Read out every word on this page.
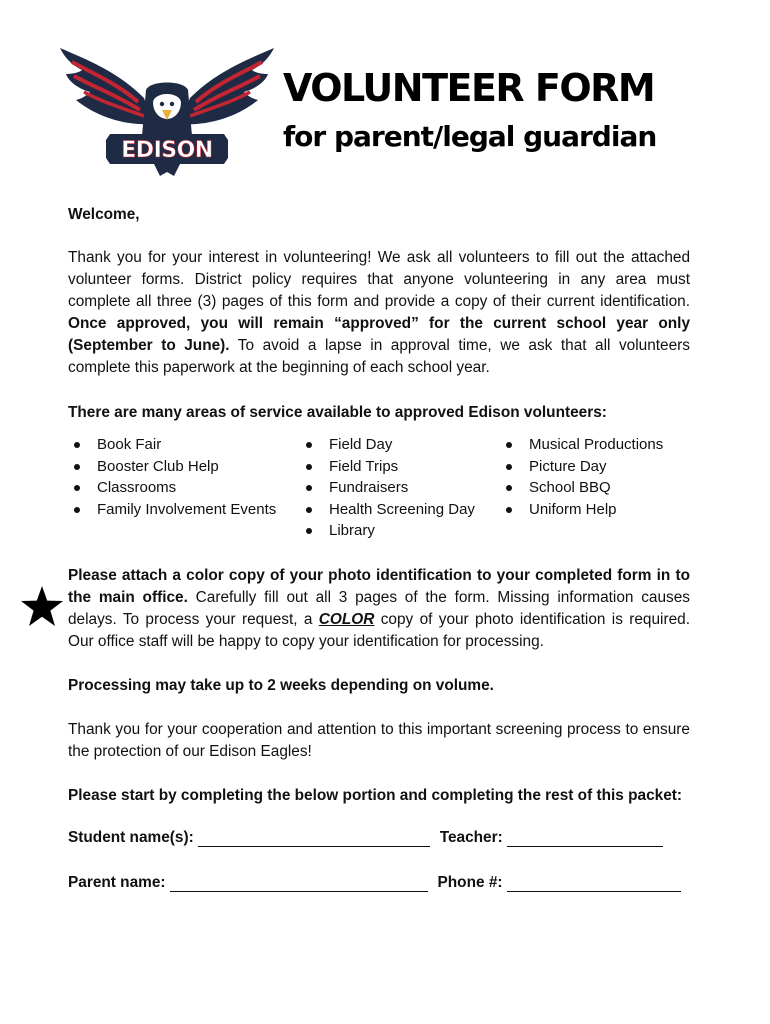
EDISON
VOLUNTEER FORM
for parent/legal guardian
Welcome,
Thank you for your interest in volunteering! We ask all volunteers to fill out the attached volunteer forms. District policy requires that anyone volunteering in any area must complete all three (3) pages of this form and provide a copy of their current identification. Once approved, you will remain “approved” for the current school year only (September to June). To avoid a lapse in approval time, we ask that all volunteers complete this paperwork at the beginning of each school year.
There are many areas of service available to approved Edison volunteers:
Book Fair
Booster Club Help
Classrooms
Family Involvement Events
Field Day
Field Trips
Fundraisers
Health Screening Day
Library
Musical Productions
Picture Day
School BBQ
Uniform Help
Please attach a color copy of your photo identification to your completed form in to the main office. Carefully fill out all 3 pages of the form. Missing information causes delays. To process your request, a COLOR copy of your photo identification is required. Our office staff will be happy to copy your identification for processing.
Processing may take up to 2 weeks depending on volume.
Thank you for your cooperation and attention to this important screening process to ensure the protection of our Edison Eagles!
Please start by completing the below portion and completing the rest of this packet:
Student name(s):	Teacher:
Parent name:	Phone #:
